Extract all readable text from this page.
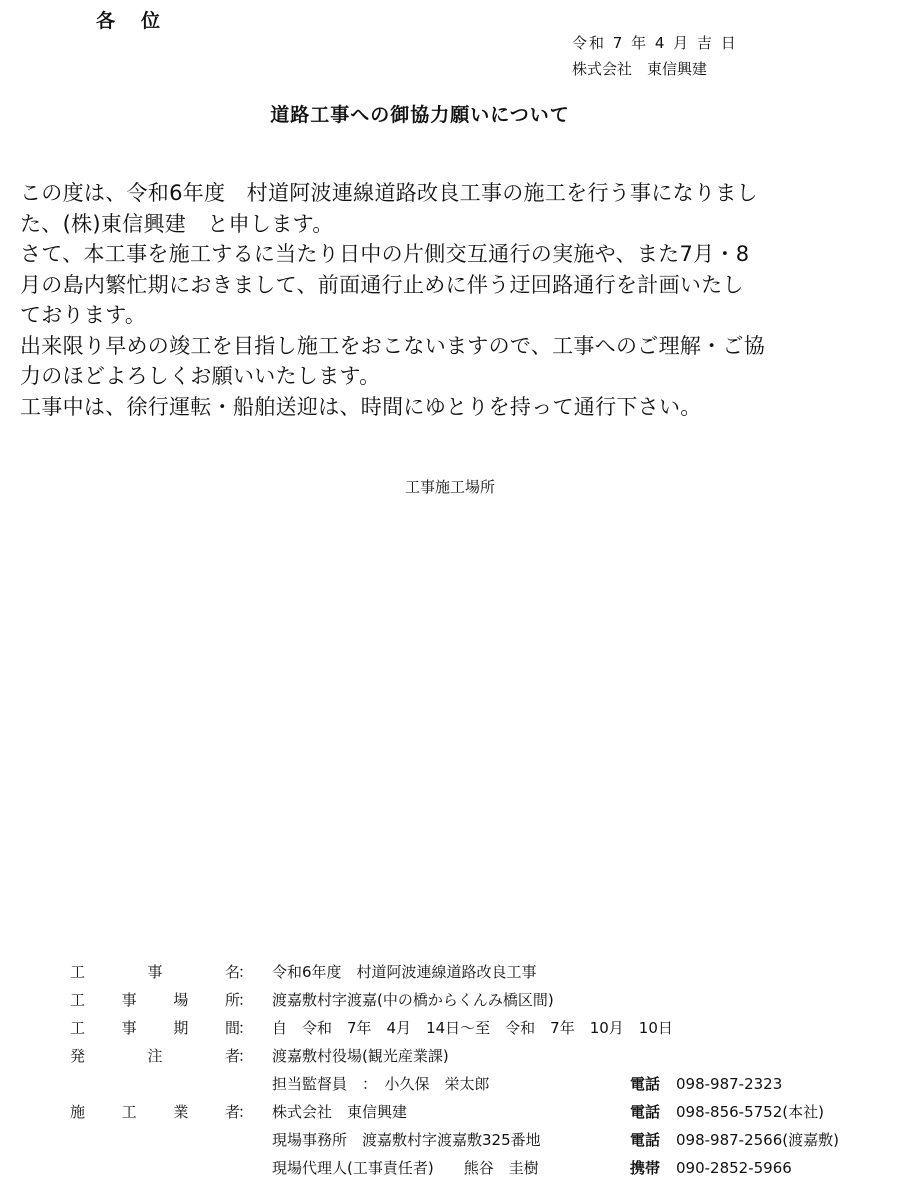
各位
令和 7 年 4 月 吉 日
株式会社　東信興建
道路工事への御協力願いについて
この度は、令和6年度　村道阿波連線道路改良工事の施工を行う事になりまし
た、(株)東信興建　と申します。
さて、本工事を施工するに当たり日中の片側交互通行の実施や、また7月・8
月の島内繁忙期におきまして、前面通行止めに伴う迂回路通行を計画いたし
ております。
出来限り早めの竣工を目指し施工をおこないますので、工事へのご理解・ご協
力のほどよろしくお願いいたします。
工事中は、徐行運転・船舶送迎は、時間にゆとりを持って通行下さい。
工事施工場所
工	事	名
： 令和6年度　村道阿波連線道路改良工事
工 事 場 所
： 渡嘉敷村字渡嘉(中の橋からくんみ橋区間)
工 事 期 間
： 自　令和　7年　4月　14日～至　令和　7年　10月　10日
発	注	者
： 渡嘉敷村役場(観光産業課)
担当監督員　：　小久保　栄太郎	電話 098-987-2323
施 工 業 者
： 株式会社　東信興建	電話 098-856-5752(本社)
現場事務所　渡嘉敷村字渡嘉敷325番地	電話 098-987-2566(渡嘉敷)
現場代理人(工事責任者)　　熊谷　圭樹	携帯 090-2852-5966
